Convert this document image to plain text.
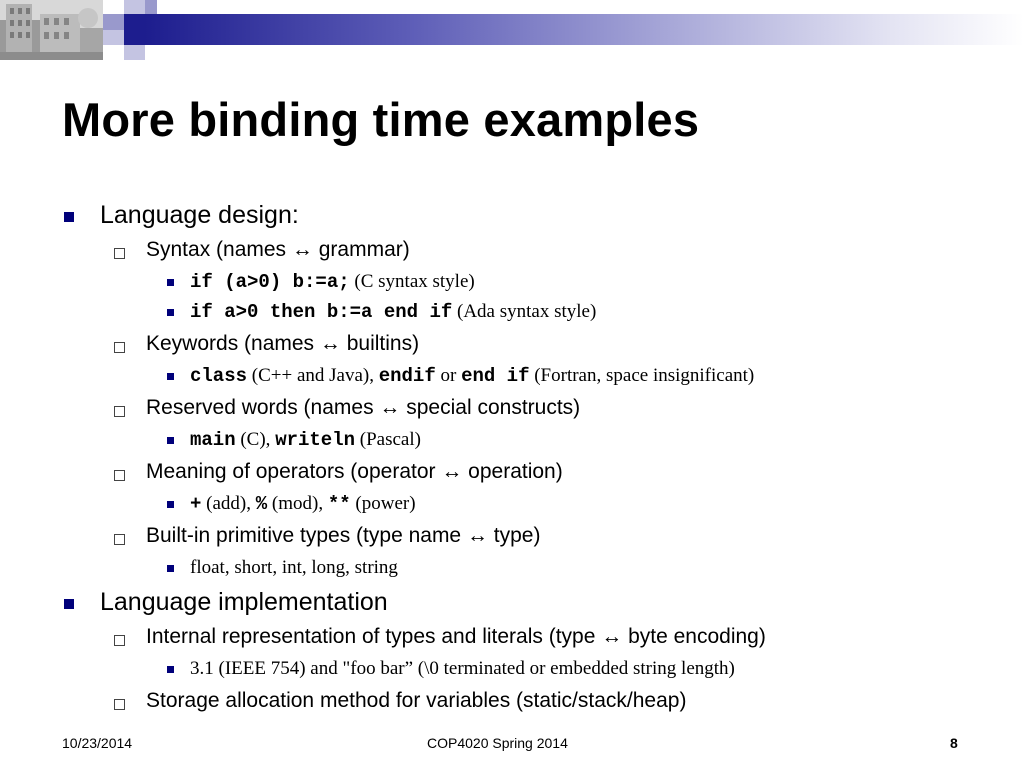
More binding time examples
Language design:
Syntax (names ↔ grammar)
if (a>0) b:=a; (C syntax style)
if a>0 then b:=a end if (Ada syntax style)
Keywords (names ↔ builtins)
class (C++ and Java), endif or end if (Fortran, space insignificant)
Reserved words (names ↔ special constructs)
main (C), writeln (Pascal)
Meaning of operators (operator ↔ operation)
+ (add), % (mod), ** (power)
Built-in primitive types (type name ↔ type)
float, short, int, long, string
Language implementation
Internal representation of types and literals (type ↔ byte encoding)
3.1 (IEEE 754) and "foo bar” (\0 terminated or embedded string length)
Storage allocation method for variables (static/stack/heap)
10/23/2014	COP4020 Spring 2014	8
